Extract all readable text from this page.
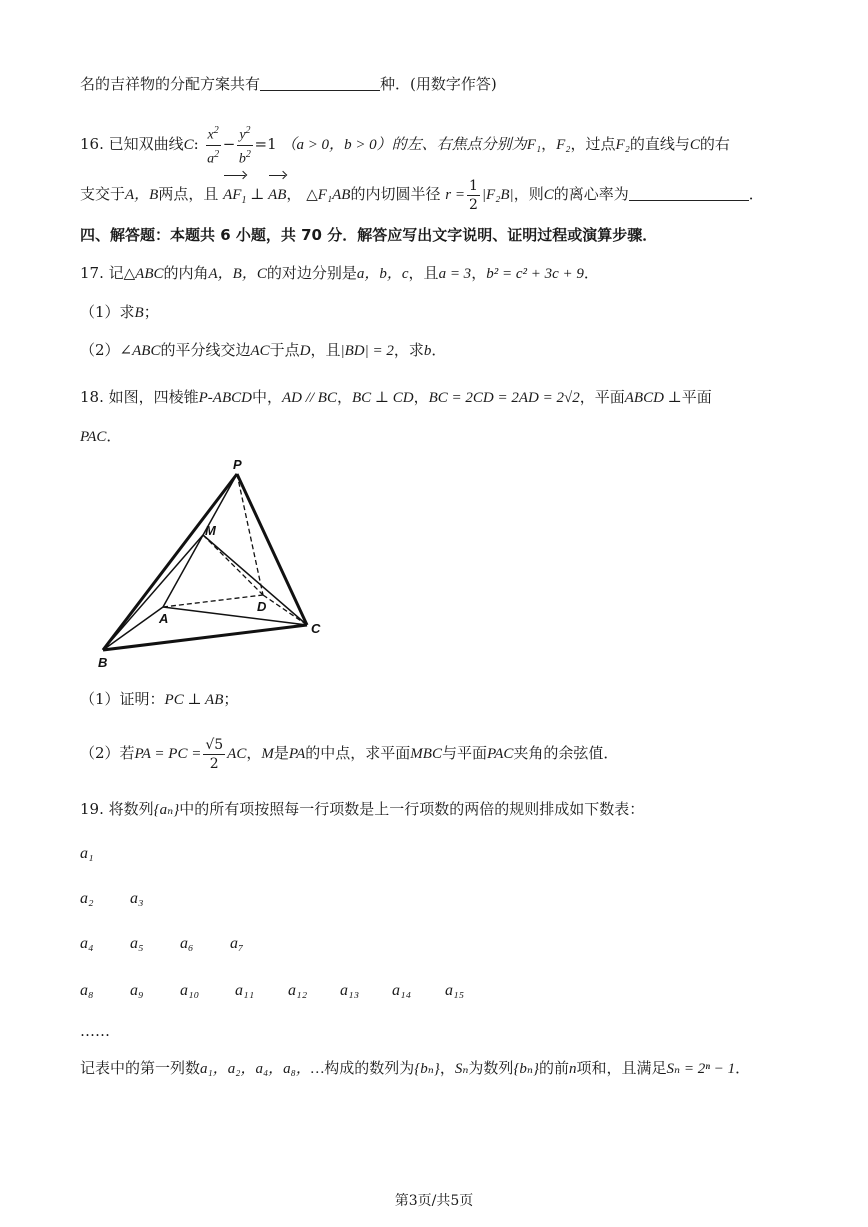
名的吉祥物的分配方案共有	种．(用数字作答)
16. 已知双曲线C: $\frac{x^2}{a^2} - \frac{y^2}{b^2} =1$ （a > 0，b > 0）的左、右焦点分别为F₁，F₂，过点F₂的直线与C的右
支交于A，B两点，且 $AF_1$ ⊥ AB， △F₁AB的内切圆半径 $r = \frac{1}{2} |F_2B|$，则C的离心率为	．
四、解答题：本题共 6 小题，共 70 分．解答应写出文字说明、证明过程或演算步骤．
17. 记△ABC的内角A，B，C的对边分别是a，b，c，且a = 3，b² = c² + 3c + 9．
（1）求B；
（2）∠ABC的平分线交边AC于点D，且|BD| = 2，求b．
18. 如图，四棱锥P-ABCD中，AD // BC，BC ⊥ CD，BC = 2CD = 2AD = 2√2，平面ABCD ⊥平面
PAC．
P
M
A
D
C
B
（1）证明：PC ⊥ AB；
（2）若PA = PC = $\frac{√5}{2}$ AC，M是PA的中点，求平面MBC与平面PAC夹角的余弦值．
19. 将数列{aₙ}中的所有项按照每一行项数是上一行项数的两倍的规则排成如下数表：
a₁
a₂ a₃
a₄ a₅ a₆ a₇
a₈ a₉ a₁₀ a₁₁ a₁₂ a₁₃ a₁₄ a₁₅
……
记表中的第一列数a₁，a₂，a₄，a₈，…构成的数列为{bₙ}，Sₙ为数列{bₙ}的前n项和，且满足Sₙ = 2ⁿ − 1．
第3页/共5页
